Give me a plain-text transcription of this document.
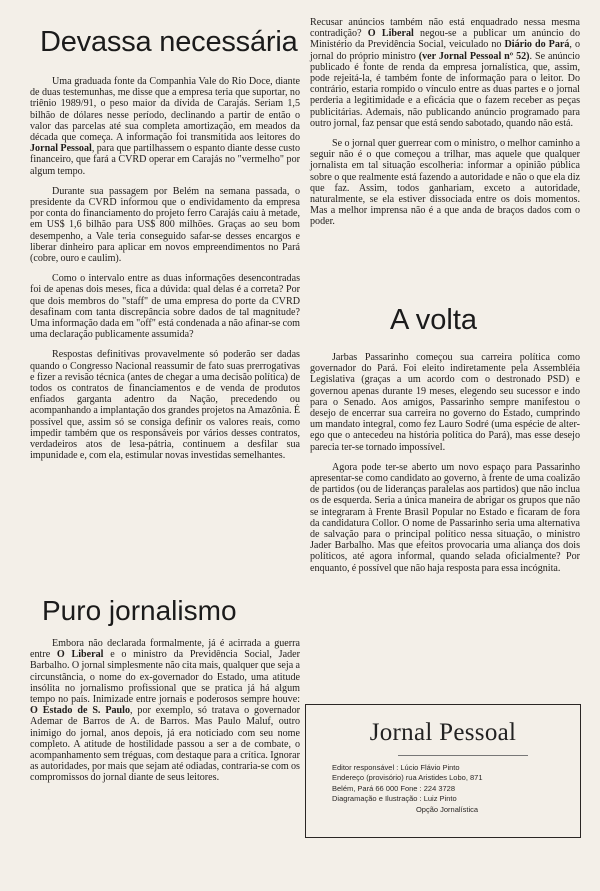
Devassa necessária

Uma graduada fonte da Companhia Vale do Rio Doce, diante de duas testemunhas, me disse que a empresa teria que suportar, no triênio 1989/91, o peso maior da dívida de Carajás. Seriam 1,5 bilhão de dólares nesse período, declinando a partir de então o valor das parcelas até sua completa amortização, em meados da década que começa. A informação foi transmitida aos leitores do Jornal Pessoal, para que partilhassem o espanto diante desse custo financeiro, que fará a CVRD operar em Carajás no "vermelho" por algum tempo.

Durante sua passagem por Belém na semana passada, o presidente da CVRD informou que o endividamento da empresa por conta do financiamento do projeto ferro Carajás caiu à metade, em US$ 1,6 bilhão para US$ 800 milhões. Graças ao seu bom desempenho, a Vale teria conseguido safar-se desses encargos e liberar dinheiro para aplicar em novos empreendimentos no Pará (cobre, ouro e caulim).

Como o intervalo entre as duas informações desencontradas foi de apenas dois meses, fica a dúvida: qual delas é a correta? Por que dois membros do "staff" de uma empresa do porte da CVRD desafinam com tanta discrepância sobre dados de tal magnitude? Uma informação dada em "off" está condenada a não afinar-se com uma declaração publicamente assumida?

Respostas definitivas provavelmente só poderão ser dadas quando o Congresso Nacional reassumir de fato suas prerrogativas e fizer a revisão técnica (antes de chegar a uma decisão política) de todos os contratos de financiamentos e de venda de produtos enfiados garganta adentro da Nação, precedendo ou acompanhando a implantação dos grandes projetos na Amazônia. É possível que, assim só se consiga definir os valores reais, como impedir também que os responsáveis por vários desses contratos, verdadeiros atos de lesa-pátria, continuem a desfilar sua impunidade e, com ela, estimular novas investidas semelhantes.

Puro jornalismo

Embora não declarada formalmente, já é acirrada a guerra entre O Liberal e o ministro da Previdência Social, Jader Barbalho. O jornal simplesmente não cita mais, qualquer que seja a circunstância, o nome do ex-governador do Estado, uma atitude insólita no jornalismo profissional que se pratica já há algum tempo no país. Inimizade entre jornais e poderosos sempre houve: O Estado de S. Paulo, por exemplo, só tratava o governador Ademar de Barros de A. de Barros. Mas Paulo Maluf, outro inimigo do jornal, anos depois, já era noticiado com seu nome completo. A atitude de hostilidade passou a ser a de combate, o acompanhamento sem tréguas, com destaque para a crítica. Ignorar as autoridades, por mais que sejam até odiadas, contraria-se com os compromissos do jornal diante de seus leitores.

Recusar anúncios também não está enquadrado nessa mesma contradição? O Liberal negou-se a publicar um anúncio do Ministério da Previdência Social, veiculado no Diário do Pará, o jornal do próprio ministro (ver Jornal Pessoal nº 52). Se anúncio publicado é fonte de renda da empresa jornalística, que, assim, pode rejeitá-la, é também fonte de informação para o leitor. Do contrário, estaria rompido o vínculo entre as duas partes e o jornal perderia a legitimidade e a eficácia que o fazem receber as peças publicitárias. Ademais, não publicando anúncio programado para outro jornal, faz pensar que está sendo sabotado, quando não está.

Se o jornal quer guerrear com o ministro, o melhor caminho a seguir não é o que começou a trilhar, mas aquele que qualquer jornalista em tal situação escolheria: informar a opinião pública sobre o que realmente está fazendo a autoridade e não o que ela diz que faz. Assim, todos ganhariam, exceto a autoridade, naturalmente, se ela estiver dissociada entre os dois momentos. Mas a melhor imprensa não é a que anda de braços dados com o poder.

A volta

Jarbas Passarinho começou sua carreira política como governador do Pará. Foi eleito indiretamente pela Assembléia Legislativa (graças a um acordo com o destronado PSD) e governou apenas durante 19 meses, elegendo seu sucessor e indo para o Senado. Aos amigos, Passarinho sempre manifestou o desejo de encerrar sua carreira no governo do Estado, cumprindo um mandato integral, como fez Lauro Sodré (uma espécie de alter-ego que o antecedeu na história política do Pará), mas esse desejo parecia ter-se tornado impossível.

Agora pode ter-se aberto um novo espaço para Passarinho apresentar-se como candidato ao governo, à frente de uma coalizão de partidos (ou de lideranças paralelas aos partidos) que não inclua os de esquerda. Seria a única maneira de abrigar os grupos que não se integraram à Frente Brasil Popular no Estado e ficaram de fora da candidatura Collor. O nome de Passarinho seria uma alternativa de salvação para o principal político nessa situação, o ministro Jader Barbalho. Mas que efeitos provocaria uma aliança dos dois políticos, até agora informal, quando selada oficialmente? Por enquanto, é possível que não haja resposta para essa incógnita.

Jornal Pessoal
Editor responsável : Lúcio Flávio Pinto
Endereço (provisório) rua Aristides Lobo, 871
Belém, Pará 66 000 Fone : 224 3728
Diagramação e Ilustração : Luiz Pinto
Opção Jornalística
